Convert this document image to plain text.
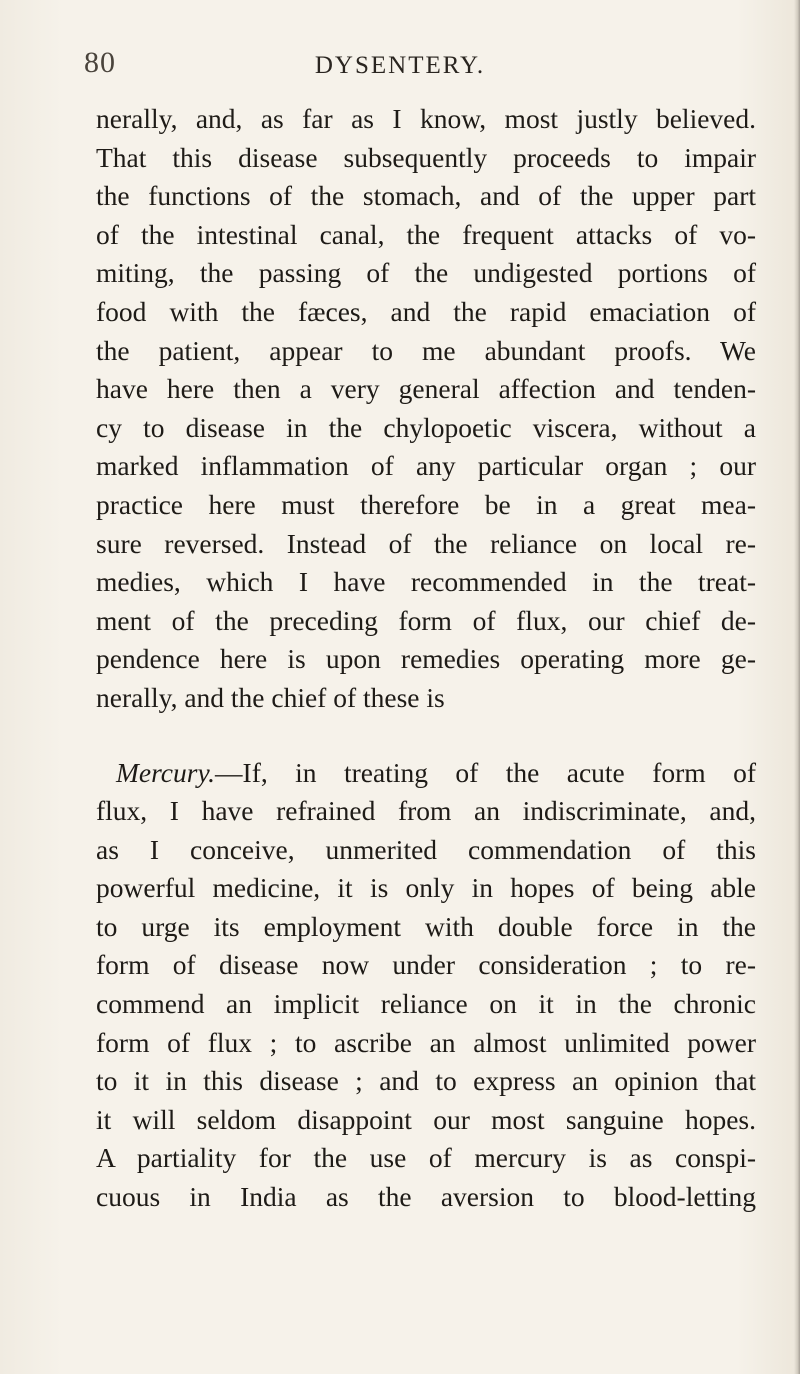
80	DYSENTERY.
nerally, and, as far as I know, most justly believed.
That this disease subsequently proceeds to impair
the functions of the stomach, and of the upper part
of the intestinal canal, the frequent attacks of vo-
miting, the passing of the undigested portions of
food with the fæces, and the rapid emaciation of
the patient, appear to me abundant proofs. We
have here then a very general affection and tenden-
cy to disease in the chylopoetic viscera, without a
marked inflammation of any particular organ ; our
practice here must therefore be in a great mea-
sure reversed. Instead of the reliance on local re-
medies, which I have recommended in the treat-
ment of the preceding form of flux, our chief de-
pendence here is upon remedies operating more ge-
nerally, and the chief of these is
Mercury.—If, in treating of the acute form of
flux, I have refrained from an indiscriminate, and,
as I conceive, unmerited commendation of this
powerful medicine, it is only in hopes of being able
to urge its employment with double force in the
form of disease now under consideration ; to re-
commend an implicit reliance on it in the chronic
form of flux ; to ascribe an almost unlimited power
to it in this disease ; and to express an opinion that
it will seldom disappoint our most sanguine hopes.
A partiality for the use of mercury is as conspi-
cuous in India as the aversion to blood-letting
